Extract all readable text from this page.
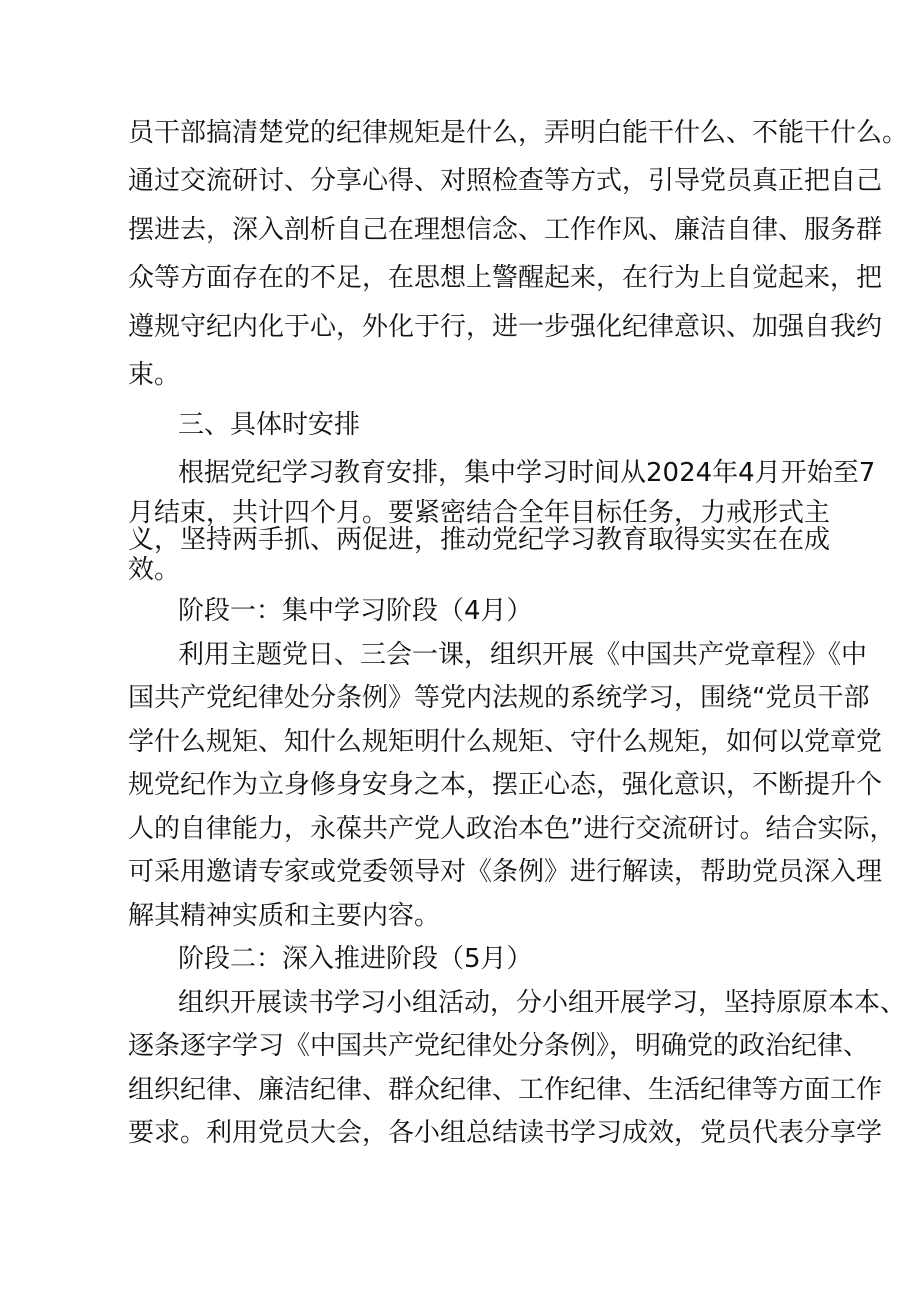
员干部搞清楚党的纪律规矩是什么，弄明白能干什么、不能干什么。
通过交流研讨、分享心得、对照检查等方式，引导党员真正把自己
摆进去，深入剖析自己在理想信念、工作作风、廉洁自律、服务群
众等方面存在的不足，在思想上警醒起来，在行为上自觉起来，把
遵规守纪内化于心，外化于行，进一步强化纪律意识、加强自我约
束。
三、具体时安排
根据党纪学习教育安排，集中学习时间从2024年4月开始至7
月结束，共计四个月。要紧密结合全年目标任务，力戒形式主
义，坚持两手抓、两促进，推动党纪学习教育取得实实在在成
效。
阶段一：集中学习阶段（4月）
利用主题党日、三会一课，组织开展《中国共产党章程》《中
国共产党纪律处分条例》等党内法规的系统学习，围绕“党员干部
学什么规矩、知什么规矩明什么规矩、守什么规矩，如何以党章党
规党纪作为立身修身安身之本，摆正心态，强化意识，不断提升个
人的自律能力，永葆共产党人政治本色”进行交流研讨。结合实际，
可采用邀请专家或党委领导对《条例》进行解读，帮助党员深入理
解其精神实质和主要内容。
阶段二：深入推进阶段（5月）
组织开展读书学习小组活动，分小组开展学习，坚持原原本本、
逐条逐字学习《中国共产党纪律处分条例》，明确党的政治纪律、
组织纪律、廉洁纪律、群众纪律、工作纪律、生活纪律等方面工作
要求。利用党员大会，各小组总结读书学习成效，党员代表分享学
